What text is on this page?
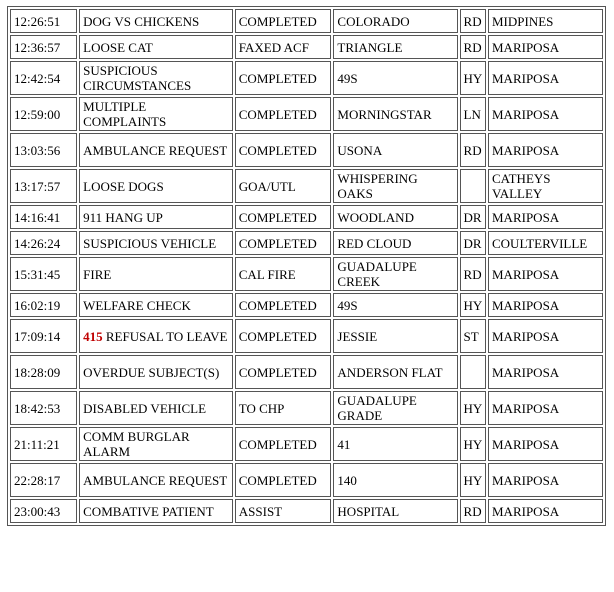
12:26:51	DOG VS CHICKENS	COMPLETED	COLORADO	RD	MIDPINES
12:36:57	LOOSE CAT	FAXED ACF	TRIANGLE	RD	MARIPOSA
12:42:54	SUSPICIOUS CIRCUMSTANCES	COMPLETED	49S	HY	MARIPOSA
12:59:00	MULTIPLE COMPLAINTS	COMPLETED	MORNINGSTAR	LN	MARIPOSA
13:03:56	AMBULANCE REQUEST	COMPLETED	USONA	RD	MARIPOSA
13:17:57	LOOSE DOGS	GOA/UTL	WHISPERING OAKS		CATHEYS VALLEY
14:16:41	911 HANG UP	COMPLETED	WOODLAND	DR	MARIPOSA
14:26:24	SUSPICIOUS VEHICLE	COMPLETED	RED CLOUD	DR	COULTERVILLE
15:31:45	FIRE	CAL FIRE	GUADALUPE CREEK	RD	MARIPOSA
16:02:19	WELFARE CHECK	COMPLETED	49S	HY	MARIPOSA
17:09:14	415 REFUSAL TO LEAVE	COMPLETED	JESSIE	ST	MARIPOSA
18:28:09	OVERDUE SUBJECT(S)	COMPLETED	ANDERSON FLAT		MARIPOSA
18:42:53	DISABLED VEHICLE	TO CHP	GUADALUPE GRADE	HY	MARIPOSA
21:11:21	COMM BURGLAR ALARM	COMPLETED	41	HY	MARIPOSA
22:28:17	AMBULANCE REQUEST	COMPLETED	140	HY	MARIPOSA
23:00:43	COMBATIVE PATIENT	ASSIST	HOSPITAL	RD	MARIPOSA
